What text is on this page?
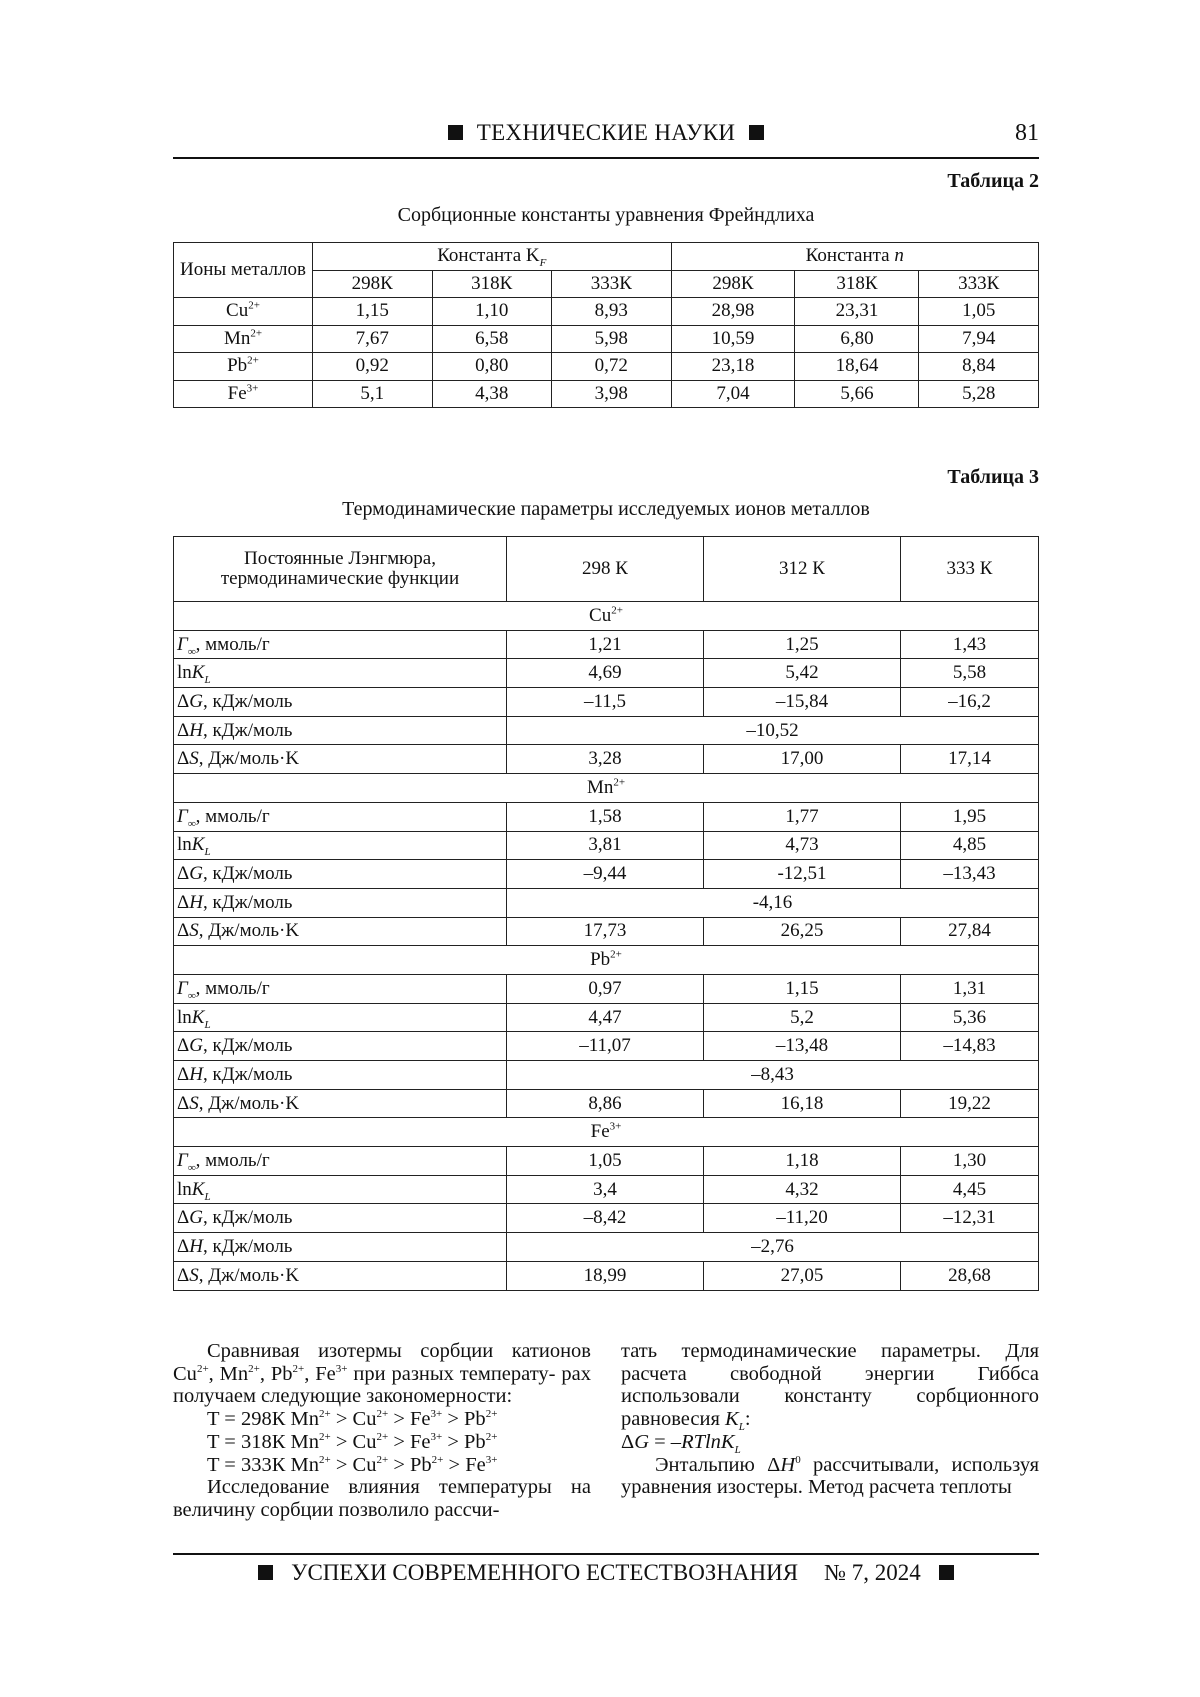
ТЕХНИЧЕСКИЕ НАУКИ	81
Таблица 2
Сорбционные константы уравнения Фрейндлиха
Ионы металлов	Константа $K_F$			Константа n		
	298К	318К	333К	298К	318К	333К
$Cu^{2+}$	1,15	1,10	8,93	28,98	23,31	1,05
$Mn^{2+}$	7,67	6,58	5,98	10,59	6,80	7,94
$Pb^{2+}$	0,92	0,80	0,72	23,18	18,64	8,84
$Fe^{3+}$	5,1	4,38	3,98	7,04	5,66	5,28
Таблица 3
Термодинамические параметры исследуемых ионов металлов
Постоянные Лэнгмюра, термодинамические функции	298 К	312 К	333 К
$Cu^{2+}$
$Г_\infty$, ммоль/г	1,21	1,25	1,43
lnK$_L$	4,69	5,42	5,58
ΔG, кДж/моль	–11,5	–15,84	–16,2
ΔH, кДж/моль	–10,52		
ΔS, Дж/моль·K	3,28	17,00	17,14
$Mn^{2+}$
$Г_\infty$, ммоль/г	1,58	1,77	1,95
lnK$_L$	3,81	4,73	4,85
ΔG, кДж/моль	–9,44	-12,51	–13,43
ΔH, кДж/моль	-4,16		
ΔS, Дж/моль·K	17,73	26,25	27,84
$Pb^{2+}$
$Г_\infty$, ммоль/г	0,97	1,15	1,31
lnK$_L$	4,47	5,2	5,36
ΔG, кДж/моль	–11,07	–13,48	–14,83
ΔH, кДж/моль	–8,43		
ΔS, Дж/моль·K	8,86	16,18	19,22
$Fe^{3+}$
$Г_\infty$, ммоль/г	1,05	1,18	1,30
lnK$_L$	3,4	4,32	4,45
ΔG, кДж/моль	–8,42	–11,20	–12,31
ΔH, кДж/моль	–2,76		
ΔS, Дж/моль·K	18,99	27,05	28,68

Сравнивая изотермы сорбции катионов $Cu^{2+}$, $Mn^{2+}$, $Pb^{2+}$, $Fe^{3+}$ при разных температу- рах получаем следующие закономерности:

T = 298К $Mn^{2+} > Cu^{2+} > Fe^{3+} > Pb^{2+}$

T = 318К $Mn^{2+} > Cu^{2+} > Fe^{3+} > Pb^{2+}$

T = 333К $Mn^{2+} > Cu^{2+} > Pb^{2+} > Fe^{3+}$

Исследование влияния температуры на величину сорбции позволило рассчи-

тать термодинамические параметры. Для расчета свободной энергии Гиббса использовали константу сорбционного равновесия $K_L$:

ΔG = –RTlnK$_L$

Энтальпию $\Delta H^0$ рассчитывали, используя уравнения изостеры. Метод расчета теплоты

УСПЕХИ СОВРЕМЕННОГО ЕСТЕСТВОЗНАНИЯ № 7, 2024
